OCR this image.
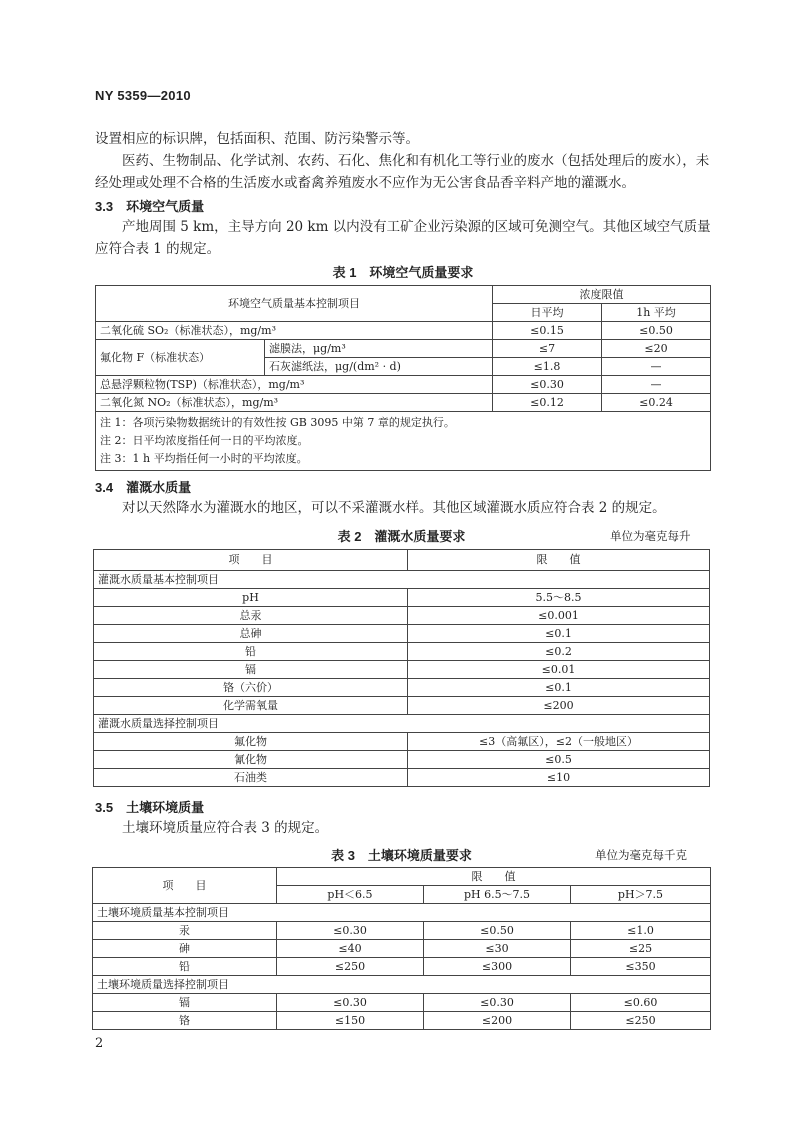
NY 5359—2010
设置相应的标识牌，包括面积、范围、防污染警示等。
医药、生物制品、化学试剂、农药、石化、焦化和有机化工等行业的废水（包括处理后的废水），未经处理或处理不合格的生活废水或畜禽养殖废水不应作为无公害食品香辛料产地的灌溉水。
3.3　环境空气质量
产地周围 5 km，主导方向 20 km 以内没有工矿企业污染源的区域可免测空气。其他区域空气质量应符合表 1 的规定。
表 1　环境空气质量要求
环境空气质量基本控制项目		浓度限值	
		日平均	1h 平均
二氧化硫 SO₂（标准状态），mg/m³		≤0.15	≤0.50
氟化物 F（标准状态）	滤膜法，μg/m³	≤7	≤20
	石灰滤纸法，μg/(dm² · d)	≤1.8	—
总悬浮颗粒物(TSP)（标准状态），mg/m³		≤0.30	—
二氧化氮 NO₂（标准状态），mg/m³		≤0.12	≤0.24

注 1：各项污染物数据统计的有效性按 GB 3095 中第 7 章的规定执行。
注 2：日平均浓度指任何一日的平均浓度。
注 3：1 h 平均指任何一小时的平均浓度。			
3.4　灌溉水质量
对以天然降水为灌溉水的地区，可以不采灌溉水样。其他区域灌溉水质应符合表 2 的规定。
表 2　灌溉水质量要求	单位为毫克每升
项　　目	限　　值
灌溉水质量基本控制项目	
pH	5.5～8.5
总汞	≤0.001
总砷	≤0.1
铅	≤0.2
镉	≤0.01
铬（六价）	≤0.1
化学需氧量	≤200
灌溉水质量选择控制项目	
氟化物	≤3（高氟区），≤2（一般地区）
氰化物	≤0.5
石油类	≤10
3.5　土壤环境质量
土壤环境质量应符合表 3 的规定。
表 3　土壤环境质量要求	单位为毫克每千克
项　　目	限　　值		
	pH＜6.5	pH 6.5～7.5	pH＞7.5
土壤环境质量基本控制项目			
汞	≤0.30	≤0.50	≤1.0
砷	≤40	≤30	≤25
铅	≤250	≤300	≤350
土壤环境质量选择控制项目			
镉	≤0.30	≤0.30	≤0.60
铬	≤150	≤200	≤250
2
